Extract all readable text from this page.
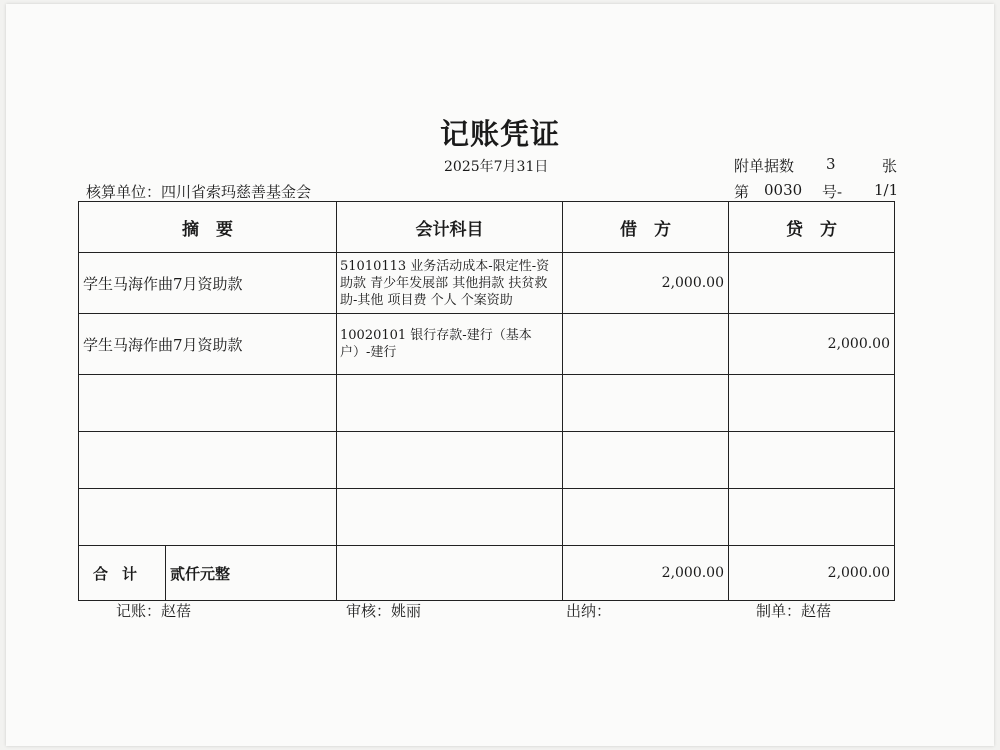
记账凭证
2025年7月31日	附单据数 3	张
核算单位：四川省索玛慈善基金会	第 0030 号- 1/1
摘　要	会计科目	借　方	贷　方
学生马海作曲7月资助款	51010113 业务活动成本-限定性-资助款 青少年发展部 其他捐款 扶贫救助-其他 项目费 个人 个案资助	2,000.00	
学生马海作曲7月资助款	10020101 银行存款-建行（基本户）-建行		2,000.00

合计 贰仟元整		2,000.00	2,000.00
记账：赵蓓	审核：姚丽	出纳：	制单：赵蓓
